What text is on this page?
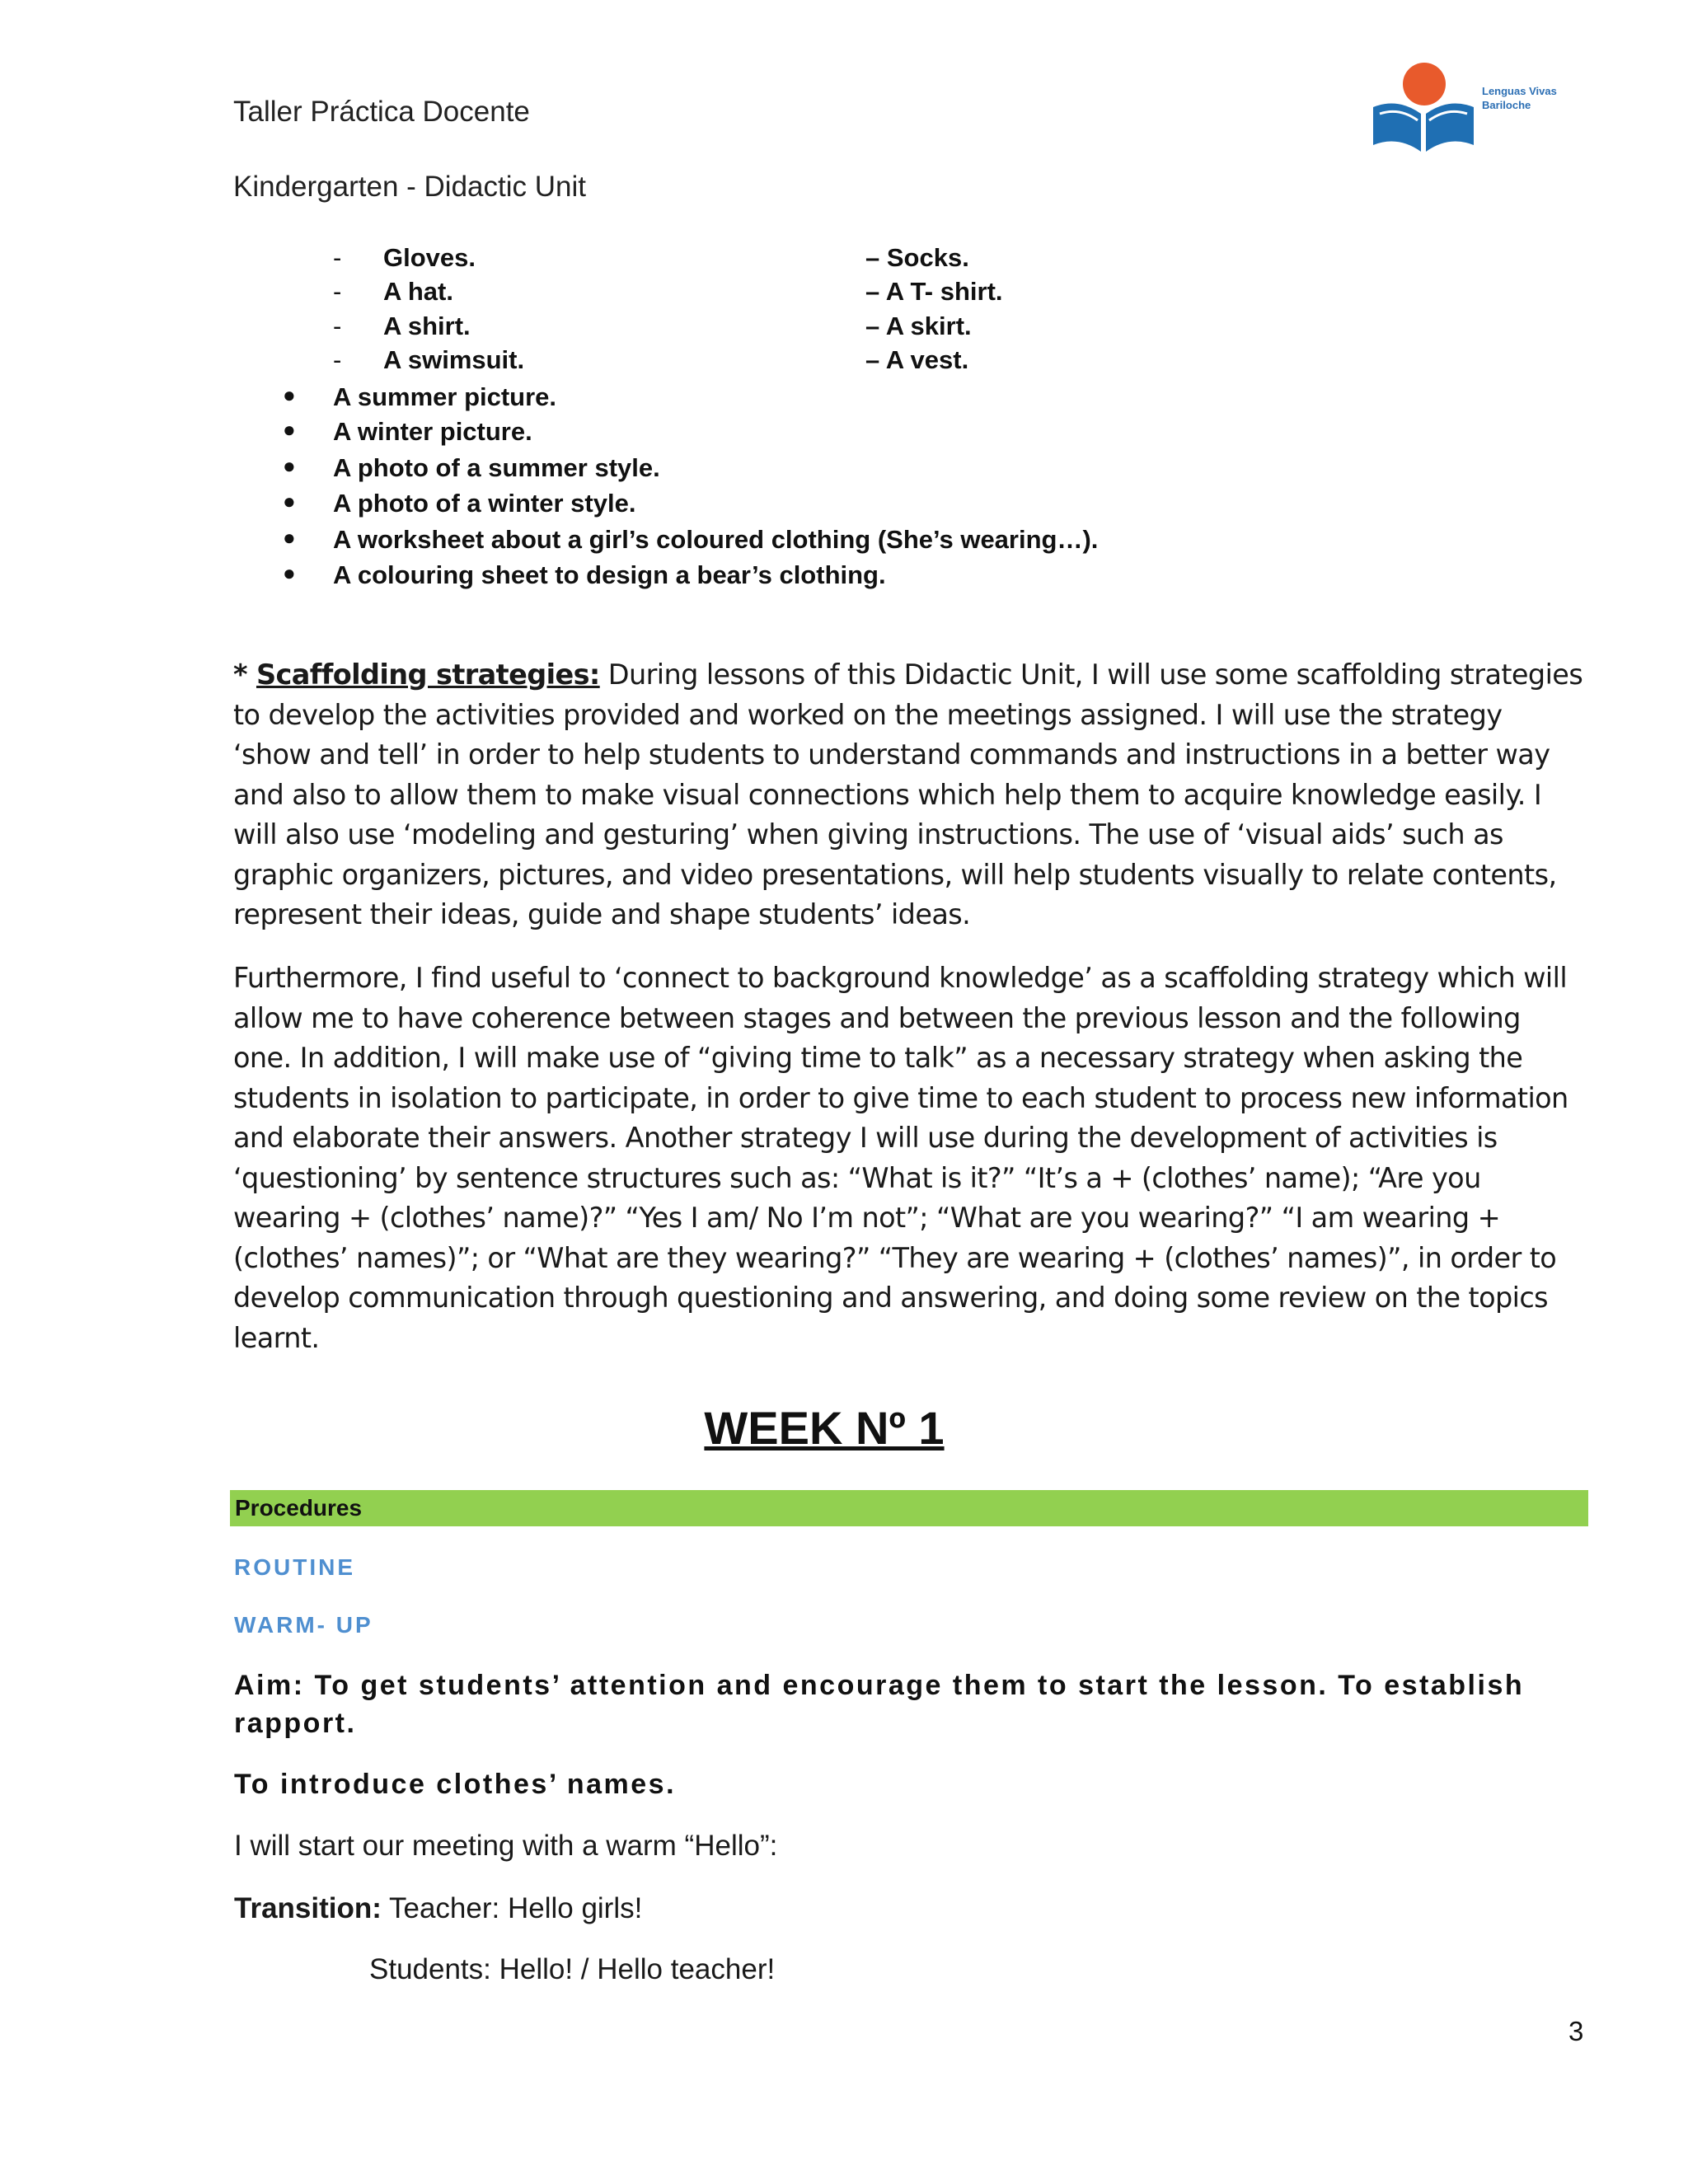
Taller Práctica Docente
Kindergarten - Didactic Unit
Lenguas Vivas
Bariloche
- Gloves.	– Socks.
- A hat.	– A T- shirt.
- A shirt.	– A skirt.
- A swimsuit.	– A vest.
● A summer picture.
● A winter picture.
● A photo of a summer style.
● A photo of a winter style.
● A worksheet about a girl’s coloured clothing (She’s wearing…).
● A colouring sheet to design a bear’s clothing.
* Scaffolding strategies: During lessons of this Didactic Unit, I will use some scaffolding strategies to develop the activities provided and worked on the meetings assigned. I will use the strategy ‘show and tell’ in order to help students to understand commands and instructions in a better way and also to allow them to make visual connections which help them to acquire knowledge easily. I will also use ‘modeling and gesturing’ when giving instructions. The use of ‘visual aids’ such as graphic organizers, pictures, and video presentations, will help students visually to relate contents, represent their ideas, guide and shape students’ ideas.
Furthermore, I find useful to ‘connect to background knowledge’ as a scaffolding strategy which will allow me to have coherence between stages and between the previous lesson and the following one. In addition, I will make use of “giving time to talk” as a necessary strategy when asking the students in isolation to participate, in order to give time to each student to process new information and elaborate their answers. Another strategy I will use during the development of activities is ‘questioning’ by sentence structures such as: “What is it?” “It’s a + (clothes’ name); “Are you wearing + (clothes’ name)?” “Yes I am/ No I’m not”; “What are you wearing?” “I am wearing + (clothes’ names)”; or “What are they wearing?” “They are wearing + (clothes’ names)”, in order to develop communication through questioning and answering, and doing some review on the topics learnt.
WEEK Nº 1
Procedures
ROUTINE
WARM- UP
Aim: To get students’ attention and encourage them to start the lesson. To establish rapport.
To introduce clothes’ names.
I will start our meeting with a warm “Hello”:
Transition: Teacher: Hello girls!
Students: Hello! / Hello teacher!
3
